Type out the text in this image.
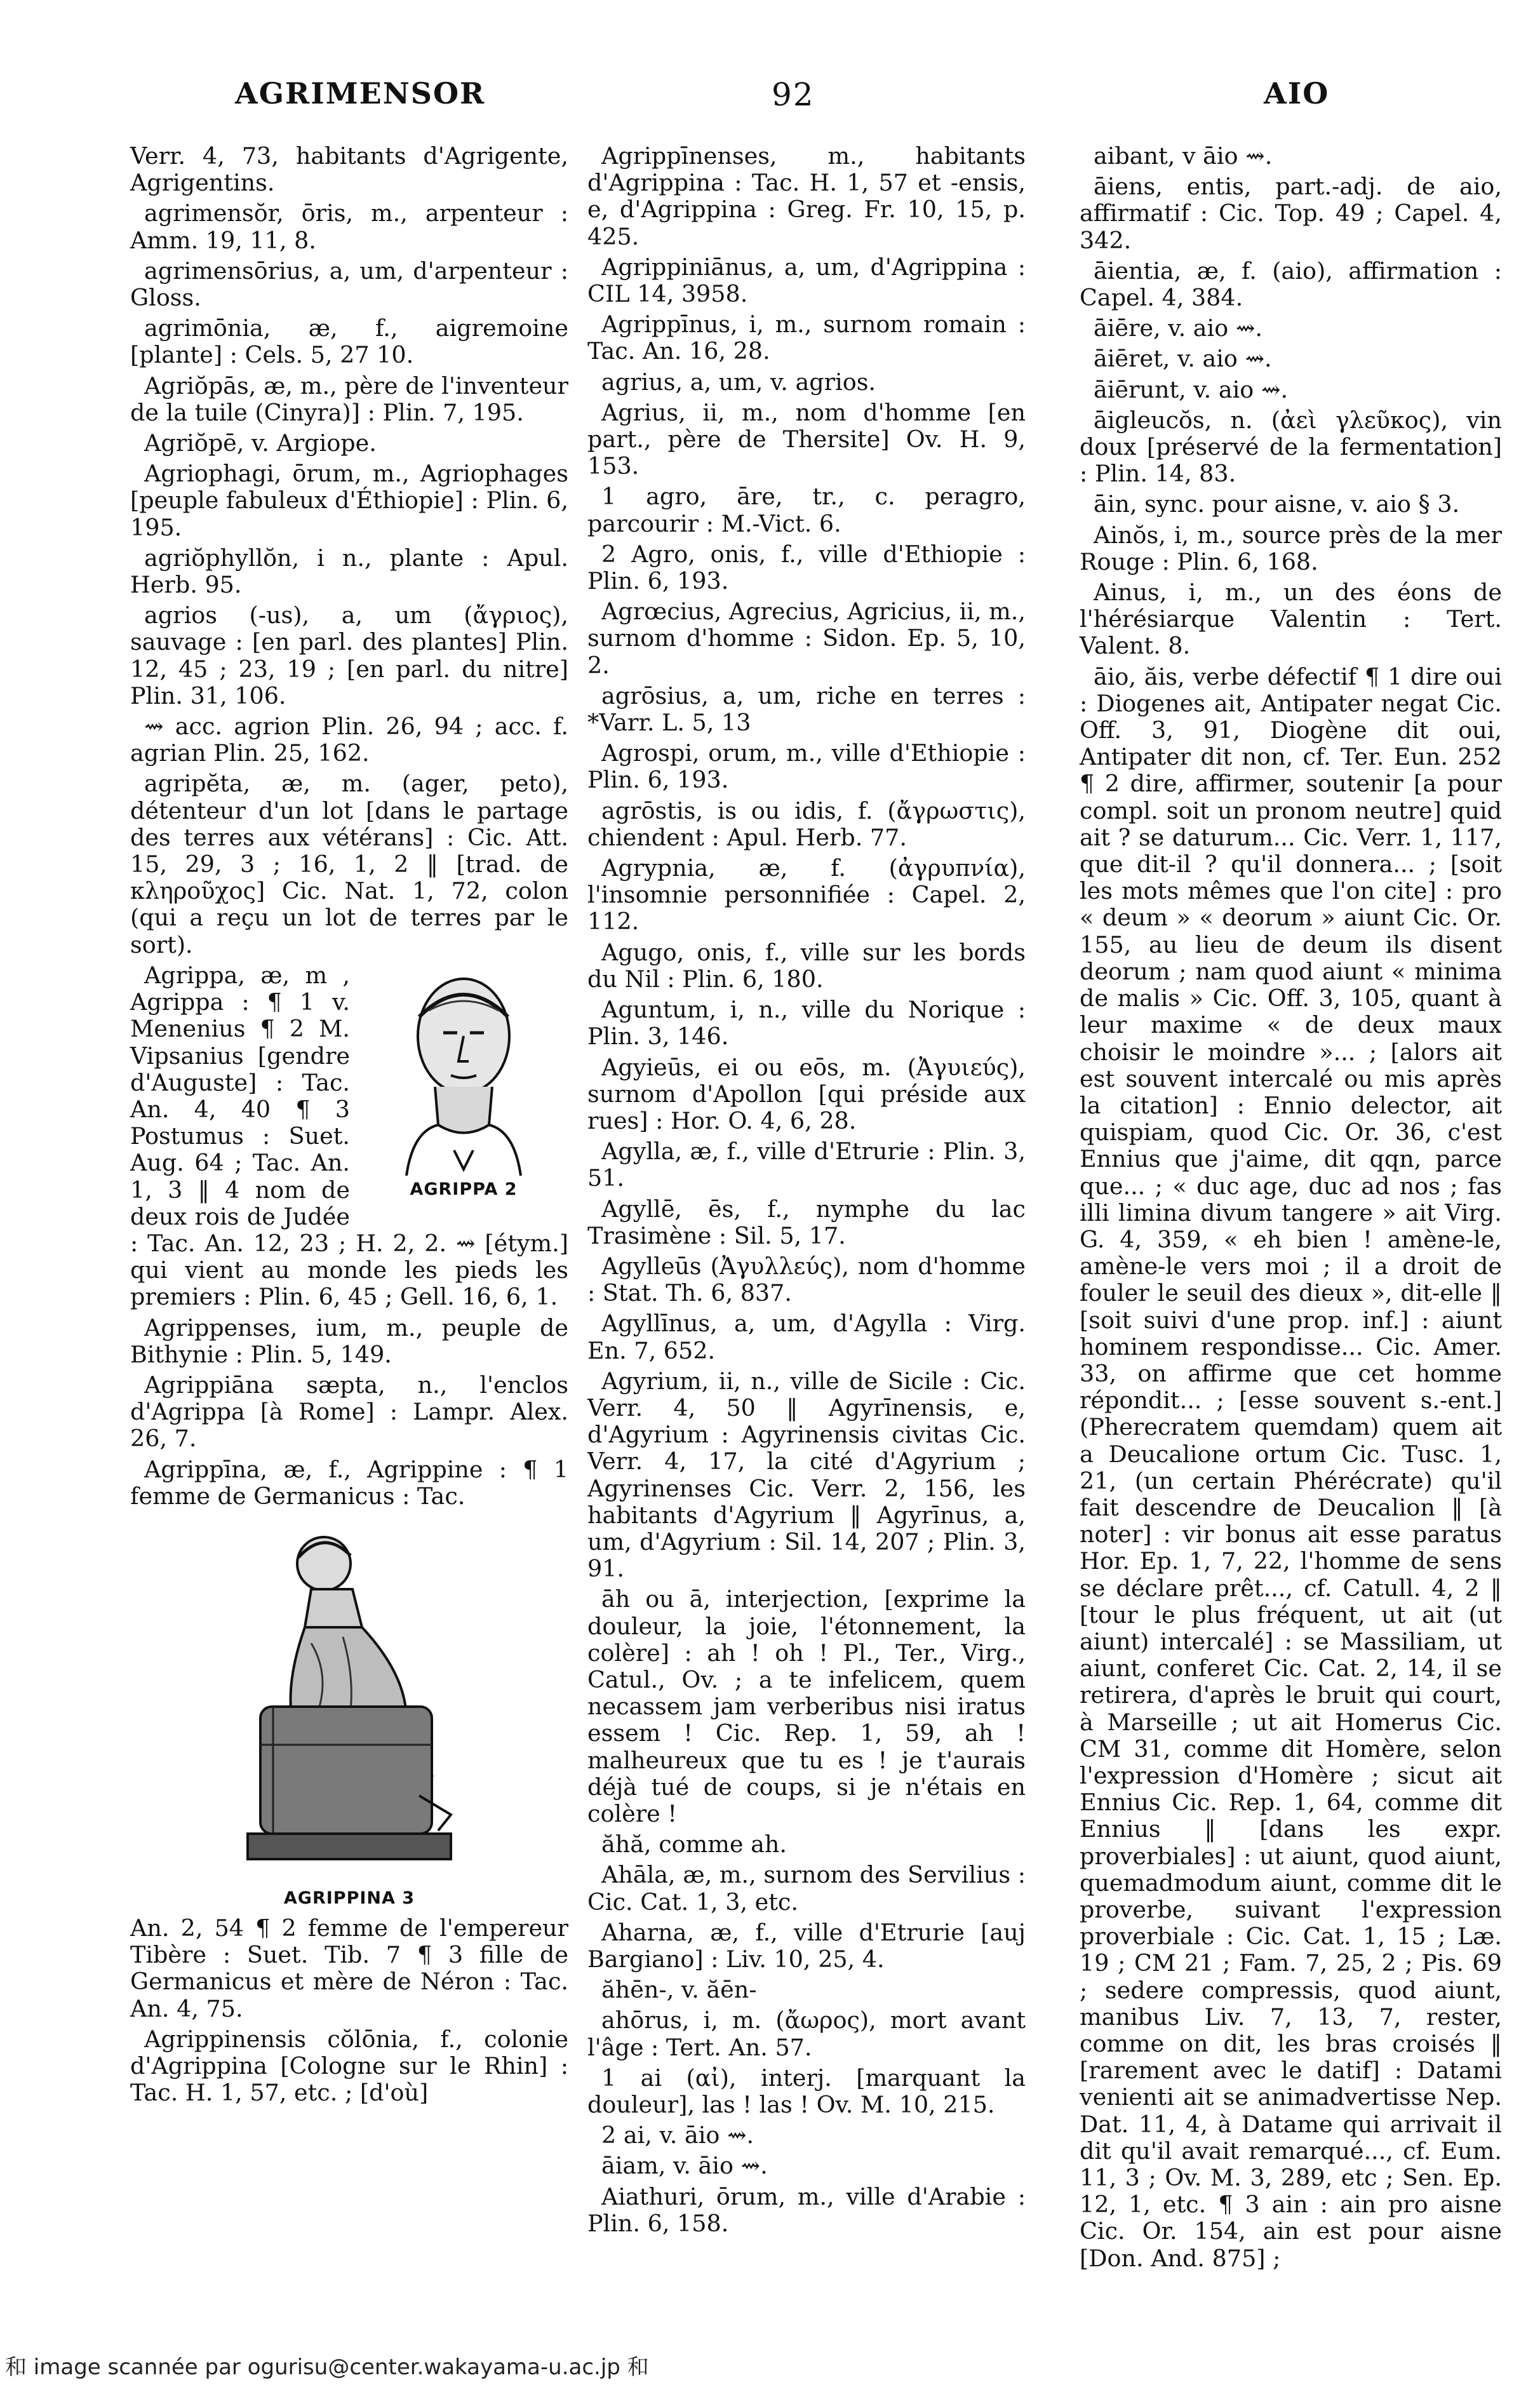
AGRIMENSOR	92	AIO

Verr. 4, 73, habitants d'Agrigente, Agrigentins.

agrimensŏr, ōris, m., arpenteur : Amm. 19, 11, 8.

agrimensōrius, a, um, d'arpenteur : Gloss.

agrimōnia, æ, f., aigremoine [plante] : Cels. 5, 27 10.

Agriŏpās, æ, m., père de l'inventeur de la tuile (Cinyra)] : Plin. 7, 195.

Agriŏpē, v. Argiope.

Agriophagi, ōrum, m., Agriophages [peuple fabuleux d'Éthiopie] : Plin. 6, 195.

agriŏphyllŏn, i n., plante : Apul. Herb. 95.

agrios (-us), a, um (ἄγριος), sauvage : [en parl. des plantes] Plin. 12, 45 ; 23, 19 ; [en parl. du nitre] Plin. 31, 106.

⇝ acc. agrion Plin. 26, 94 ; acc. f. agrian Plin. 25, 162.

agripĕta, æ, m. (ager, peto), détenteur d'un lot [dans le partage des terres aux vétérans] : Cic. Att. 15, 29, 3 ; 16, 1, 2 ‖ [trad. de κληροῦχος] Cic. Nat. 1, 72, colon (qui a reçu un lot de terres par le sort).

AGRIPPA 2

Agrippa, æ, m , Agrippa : ¶ 1 v. Menenius ¶ 2 M. Vipsanius [gendre d'Auguste] : Tac. An. 4, 40 ¶ 3 Postumus : Suet. Aug. 64 ; Tac. An. 1, 3 ‖ 4 nom de deux rois de Judée : Tac. An. 12, 23 ; H. 2, 2. ⇝ [étym.] qui vient au monde les pieds les premiers : Plin. 6, 45 ; Gell. 16, 6, 1.

Agrippenses, ium, m., peuple de Bithynie : Plin. 5, 149.

Agrippiāna sæpta, n., l'enclos d'Agrippa [à Rome] : Lampr. Alex. 26, 7.

Agrippīna, æ, f., Agrippine : ¶ 1 femme de Germanicus : Tac.

AGRIPPINA 3

An. 2, 54 ¶ 2 femme de l'empereur Tibère : Suet. Tib. 7 ¶ 3 fille de Germanicus et mère de Néron : Tac. An. 4, 75.

Agrippinensis cŏlōnia, f., colonie d'Agrippina [Cologne sur le Rhin] : Tac. H. 1, 57, etc. ; [d'où]

Agrippīnenses, m., habitants d'Agrippina : Tac. H. 1, 57 et -ensis, e, d'Agrippina : Greg. Fr. 10, 15, p. 425.

Agrippiniānus, a, um, d'Agrippina : CIL 14, 3958.

Agrippīnus, i, m., surnom romain : Tac. An. 16, 28.

agrius, a, um, v. agrios.

Agrius, ii, m., nom d'homme [en part., père de Thersite] Ov. H. 9, 153.

1 agro, āre, tr., c. peragro, parcourir : M.-Vict. 6.

2 Agro, onis, f., ville d'Ethiopie : Plin. 6, 193.

Agrœcius, Agrecius, Agricius, ii, m., surnom d'homme : Sidon. Ep. 5, 10, 2.

agrōsius, a, um, riche en terres : *Varr. L. 5, 13

Agrospi, orum, m., ville d'Ethiopie : Plin. 6, 193.

agrōstis, is ou idis, f. (ἄγρωστις), chiendent : Apul. Herb. 77.

Agrypnia, æ, f. (ἀγρυπνία), l'insomnie personnifiée : Capel. 2, 112.

Agugo, onis, f., ville sur les bords du Nil : Plin. 6, 180.

Aguntum, i, n., ville du Norique : Plin. 3, 146.

Agyieūs, ei ou eōs, m. (Ἀγυιεύς), surnom d'Apollon [qui préside aux rues] : Hor. O. 4, 6, 28.

Agylla, æ, f., ville d'Etrurie : Plin. 3, 51.

Agyllē, ēs, f., nymphe du lac Trasimène : Sil. 5, 17.

Agylleūs (Ἀγυλλεύς), nom d'homme : Stat. Th. 6, 837.

Agyllīnus, a, um, d'Agylla : Virg. En. 7, 652.

Agyrium, ii, n., ville de Sicile : Cic. Verr. 4, 50 ‖ Agyrīnensis, e, d'Agyrium : Agyrinensis civitas Cic. Verr. 4, 17, la cité d'Agyrium ; Agyrinenses Cic. Verr. 2, 156, les habitants d'Agyrium ‖ Agyrīnus, a, um, d'Agyrium : Sil. 14, 207 ; Plin. 3, 91.

āh ou ā, interjection, [exprime la douleur, la joie, l'étonnement, la colère] : ah ! oh ! Pl., Ter., Virg., Catul., Ov. ; a te infelicem, quem necassem jam verberibus nisi iratus essem ! Cic. Rep. 1, 59, ah ! malheureux que tu es ! je t'aurais déjà tué de coups, si je n'étais en colère !

ăhă, comme ah.

Ahāla, æ, m., surnom des Servilius : Cic. Cat. 1, 3, etc.

Aharna, æ, f., ville d'Etrurie [auj Bargiano] : Liv. 10, 25, 4.

ăhēn-, v. ăēn-

ahōrus, i, m. (ἄωρος), mort avant l'âge : Tert. An. 57.

1 ai (αἰ), interj. [marquant la douleur], las ! las ! Ov. M. 10, 215.

2 ai, v. āio ⇝.

āiam, v. āio ⇝.

Aiathuri, ōrum, m., ville d'Arabie : Plin. 6, 158.

aibant, v āio ⇝.

āiens, entis, part.-adj. de aio, affirmatif : Cic. Top. 49 ; Capel. 4, 342.

āientia, æ, f. (aio), affirmation : Capel. 4, 384.

āiēre, v. aio ⇝.

āiēret, v. aio ⇝.

āiērunt, v. aio ⇝.

āigleucŏs, n. (ἀεὶ γλεῦκος), vin doux [préservé de la fermentation] : Plin. 14, 83.

āin, sync. pour aisne, v. aio § 3.

Ainŏs, i, m., source près de la mer Rouge : Plin. 6, 168.

Ainus, i, m., un des éons de l'hérésiarque Valentin : Tert. Valent. 8.

āio, ăis, verbe défectif ¶ 1 dire oui : Diogenes ait, Antipater negat Cic. Off. 3, 91, Diogène dit oui, Antipater dit non, cf. Ter. Eun. 252 ¶ 2 dire, affirmer, soutenir [a pour compl. soit un pronom neutre] quid ait ? se daturum... Cic. Verr. 1, 117, que dit-il ? qu'il donnera... ; [soit les mots mêmes que l'on cite] : pro « deum » « deorum » aiunt Cic. Or. 155, au lieu de deum ils disent deorum ; nam quod aiunt « minima de malis » Cic. Off. 3, 105, quant à leur maxime « de deux maux choisir le moindre »... ; [alors ait est souvent intercalé ou mis après la citation] : Ennio delector, ait quispiam, quod Cic. Or. 36, c'est Ennius que j'aime, dit qqn, parce que... ; « duc age, duc ad nos ; fas illi limina divum tangere » ait Virg. G. 4, 359, « eh bien ! amène-le, amène-le vers moi ; il a droit de fouler le seuil des dieux », dit-elle ‖ [soit suivi d'une prop. inf.] : aiunt hominem respondisse... Cic. Amer. 33, on affirme que cet homme répondit... ; [esse souvent s.-ent.] (Pherecratem quemdam) quem ait a Deucalione ortum Cic. Tusc. 1, 21, (un certain Phérécrate) qu'il fait descendre de Deucalion ‖ [à noter] : vir bonus ait esse paratus Hor. Ep. 1, 7, 22, l'homme de sens se déclare prêt..., cf. Catull. 4, 2 ‖ [tour le plus fréquent, ut ait (ut aiunt) intercalé] : se Massiliam, ut aiunt, conferet Cic. Cat. 2, 14, il se retirera, d'après le bruit qui court, à Marseille ; ut ait Homerus Cic. CM 31, comme dit Homère, selon l'expression d'Homère ; sicut ait Ennius Cic. Rep. 1, 64, comme dit Ennius ‖ [dans les expr. proverbiales] : ut aiunt, quod aiunt, quemadmodum aiunt, comme dit le proverbe, suivant l'expression proverbiale : Cic. Cat. 1, 15 ; Læ. 19 ; CM 21 ; Fam. 7, 25, 2 ; Pis. 69 ; sedere compressis, quod aiunt, manibus Liv. 7, 13, 7, rester, comme on dit, les bras croisés ‖ [rarement avec le datif] : Datami venienti ait se animadvertisse Nep. Dat. 11, 4, à Datame qui arrivait il dit qu'il avait remarqué..., cf. Eum. 11, 3 ; Ov. M. 3, 289, etc ; Sen. Ep. 12, 1, etc. ¶ 3 ain : ain pro aisne Cic. Or. 154, ain est pour aisne [Don. And. 875] ;

和 image scannée par ogurisu@center.wakayama-u.ac.jp 和
